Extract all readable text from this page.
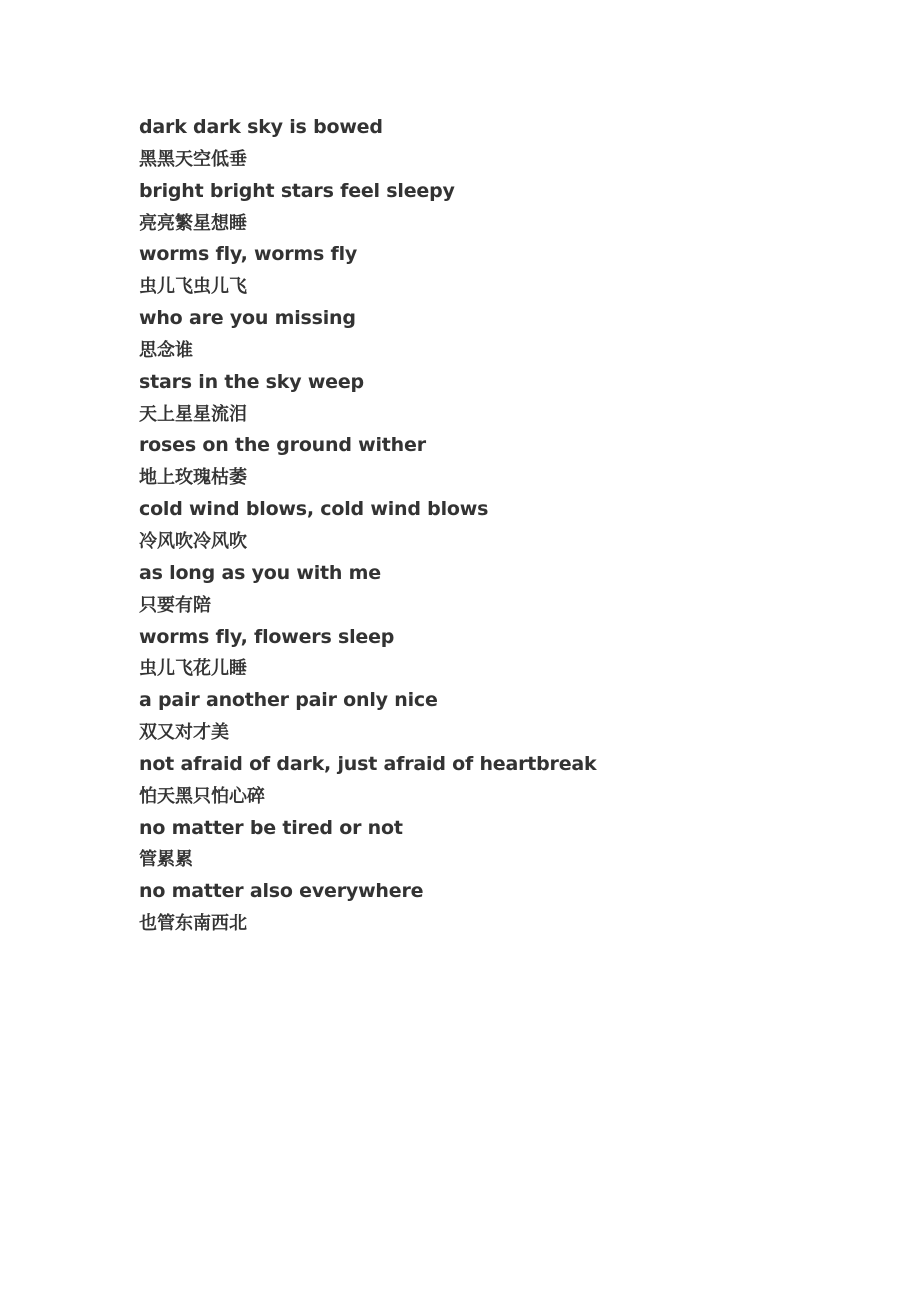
dark dark sky is bowed
黑黑天空低垂
bright bright stars feel sleepy
亮亮繁星想睡
worms fly, worms fly
虫儿飞虫儿飞
who are you missing
思念谁
stars in the sky weep
天上星星流泪
roses on the ground wither
地上玫瑰枯萎
cold wind blows, cold wind blows
冷风吹冷风吹
as long as you with me
只要有陪
worms fly, flowers sleep
虫儿飞花儿睡
a pair another pair only nice
双又对才美
not afraid of dark, just afraid of heartbreak
怕天黑只怕心碎
no matter be tired or not
管累累
no matter also everywhere
也管东南西北
